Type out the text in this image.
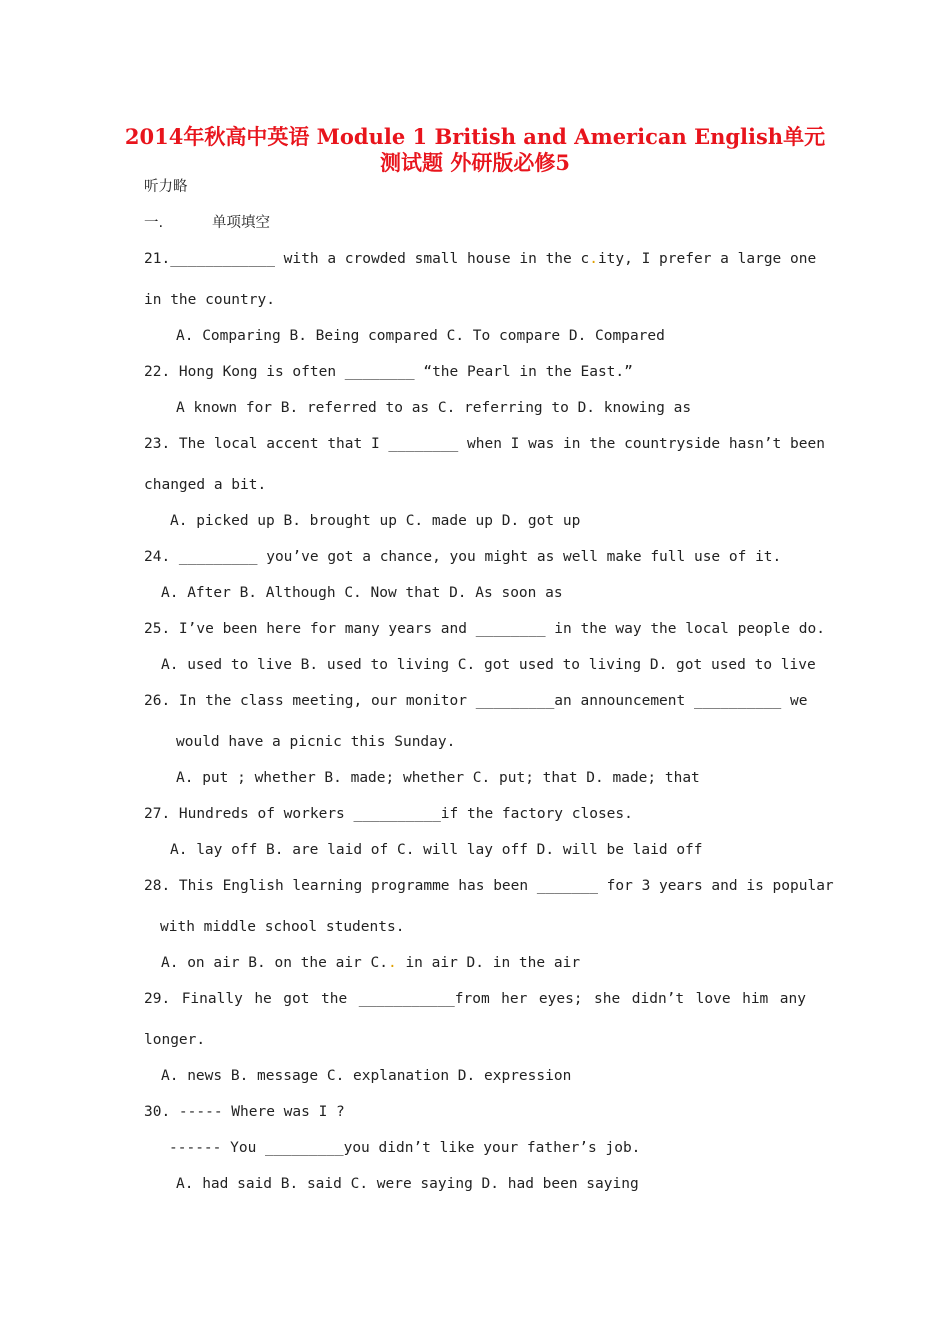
2014年秋高中英语 Module 1 British and American English单元
测试题 外研版必修5
听力略
一.	单项填空
21.____________ with a crowded small house in the c.ity, I prefer a large one
in the country.
A. Comparing B. Being compared C. To compare D. Compared
22. Hong Kong is often ________ “the Pearl in the East.”
A known for B. referred to as C. referring to D. knowing as
23. The local accent that I ________ when I was in the countryside hasn’t been
changed a bit.
A. picked up B. brought up C. made up D. got up
24. _________ you’ve got a chance, you might as well make full use of it.
A. After B. Although C. Now that D. As soon as
25. I’ve been here for many years and ________ in the way the local people do.
A. used to live B. used to living C. got used to living D. got used to live
26. In the class meeting, our monitor _________an announcement __________ we
would have a picnic this Sunday.
A. put ; whether B. made; whether C. put; that D. made; that
27. Hundreds of workers __________if the factory closes.
A. lay off B. are laid of C. will lay off D. will be laid off
28. This English learning programme has been _______ for 3 years and is popular
with middle school students.
A. on air B. on the air C.. in air D. in the air
29. Finally he got the ___________from her eyes; she didn’t love him any
longer.
A. news B. message C. explanation D. expression
30. ----- Where was I ?
------ You _________you didn’t like your father’s job.
A. had said B. said C. were saying D. had been saying
